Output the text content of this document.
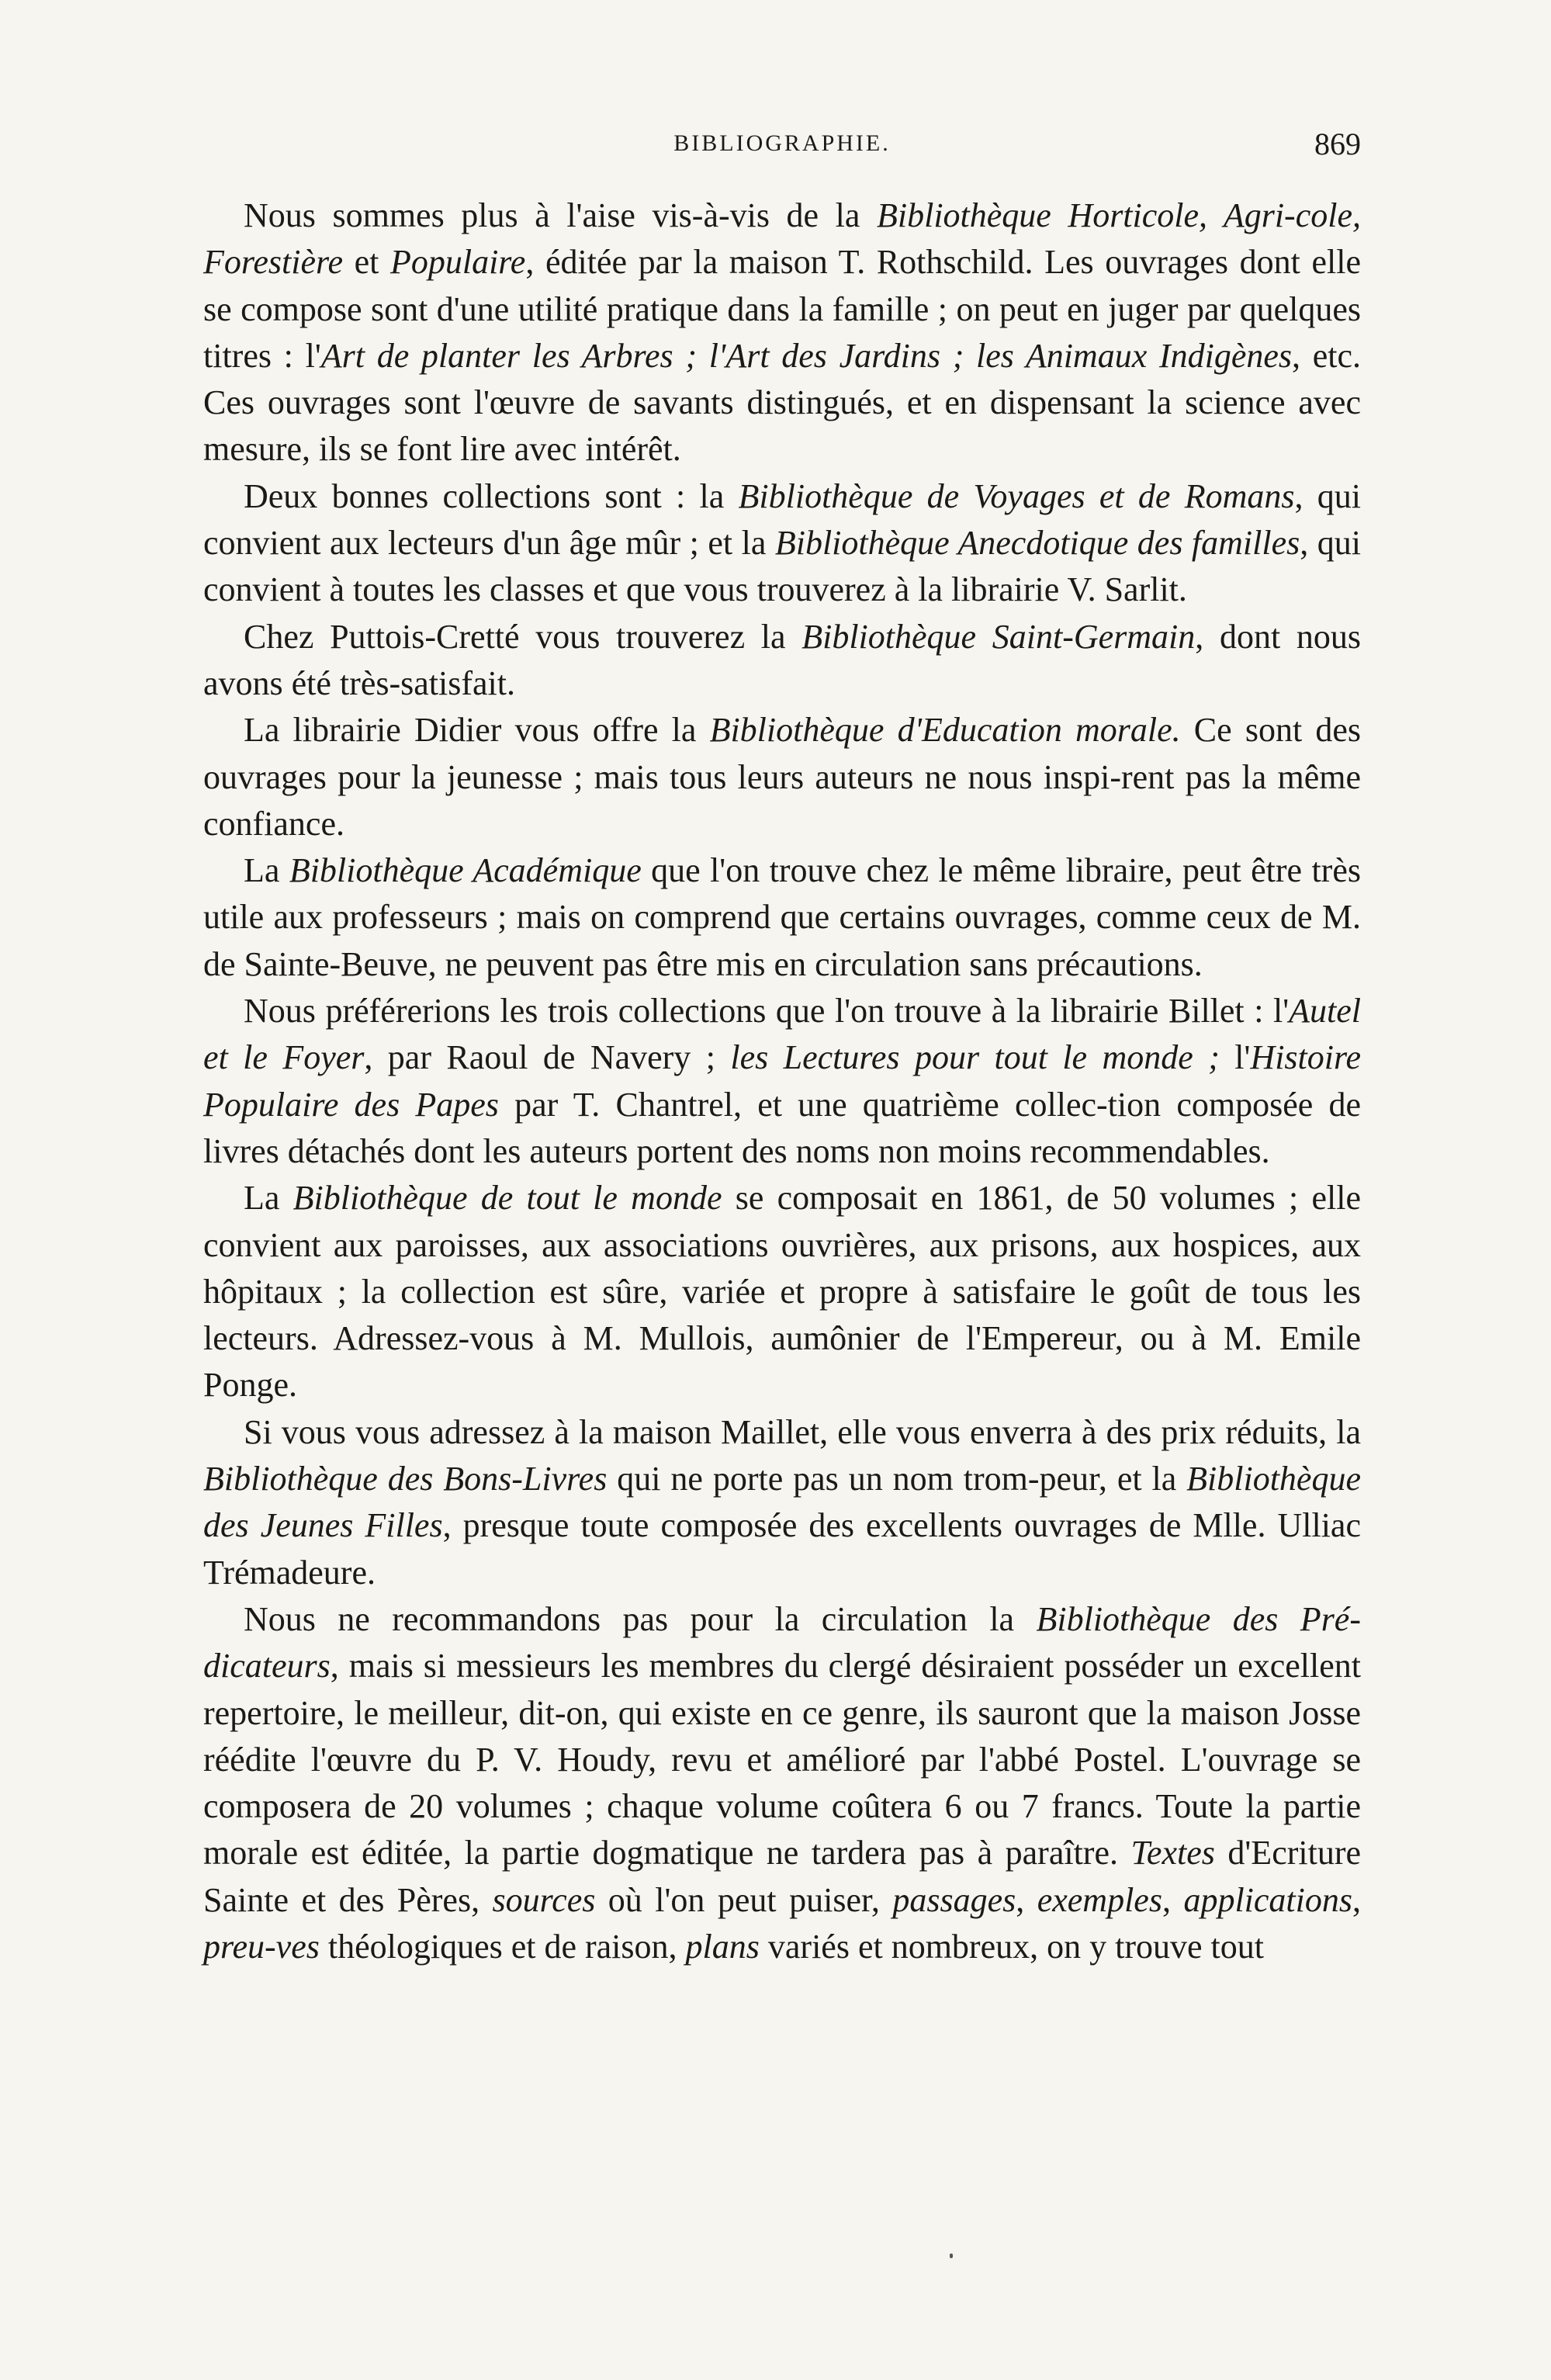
BIBLIOGRAPHIE.	869

Nous sommes plus à l'aise vis-à-vis de la Bibliothèque Horticole, Agri-cole, Forestière et Populaire, éditée par la maison T. Rothschild. Les ouvrages dont elle se compose sont d'une utilité pratique dans la famille ; on peut en juger par quelques titres : l'Art de planter les Arbres ; l'Art des Jardins ; les Animaux Indigènes, etc. Ces ouvrages sont l'œuvre de savants distingués, et en dispensant la science avec mesure, ils se font lire avec intérêt.

Deux bonnes collections sont : la Bibliothèque de Voyages et de Romans, qui convient aux lecteurs d'un âge mûr ; et la Bibliothèque Anecdotique des familles, qui convient à toutes les classes et que vous trouverez à la librairie V. Sarlit.

Chez Puttois-Cretté vous trouverez la Bibliothèque Saint-Germain, dont nous avons été très-satisfait.

La librairie Didier vous offre la Bibliothèque d'Education morale. Ce sont des ouvrages pour la jeunesse ; mais tous leurs auteurs ne nous inspi-rent pas la même confiance.

La Bibliothèque Académique que l'on trouve chez le même libraire, peut être très utile aux professeurs ; mais on comprend que certains ouvrages, comme ceux de M. de Sainte-Beuve, ne peuvent pas être mis en circulation sans précautions.

Nous préférerions les trois collections que l'on trouve à la librairie Billet : l'Autel et le Foyer, par Raoul de Navery ; les Lectures pour tout le monde ; l'Histoire Populaire des Papes par T. Chantrel, et une quatrième collec-tion composée de livres détachés dont les auteurs portent des noms non moins recommendables.

La Bibliothèque de tout le monde se composait en 1861, de 50 volumes ; elle convient aux paroisses, aux associations ouvrières, aux prisons, aux hospices, aux hôpitaux ; la collection est sûre, variée et propre à satisfaire le goût de tous les lecteurs. Adressez-vous à M. Mullois, aumônier de l'Empereur, ou à M. Emile Ponge.

Si vous vous adressez à la maison Maillet, elle vous enverra à des prix réduits, la Bibliothèque des Bons-Livres qui ne porte pas un nom trom-peur, et la Bibliothèque des Jeunes Filles, presque toute composée des excellents ouvrages de Mlle. Ulliac Trémadeure.

Nous ne recommandons pas pour la circulation la Bibliothèque des Pré-dicateurs, mais si messieurs les membres du clergé désiraient posséder un excellent repertoire, le meilleur, dit-on, qui existe en ce genre, ils sauront que la maison Josse réédite l'œuvre du P. V. Houdy, revu et amélioré par l'abbé Postel. L'ouvrage se composera de 20 volumes ; chaque volume coûtera 6 ou 7 francs. Toute la partie morale est éditée, la partie dogmatique ne tardera pas à paraître. Textes d'Ecriture Sainte et des Pères, sources où l'on peut puiser, passages, exemples, applications, preu-ves théologiques et de raison, plans variés et nombreux, on y trouve tout
